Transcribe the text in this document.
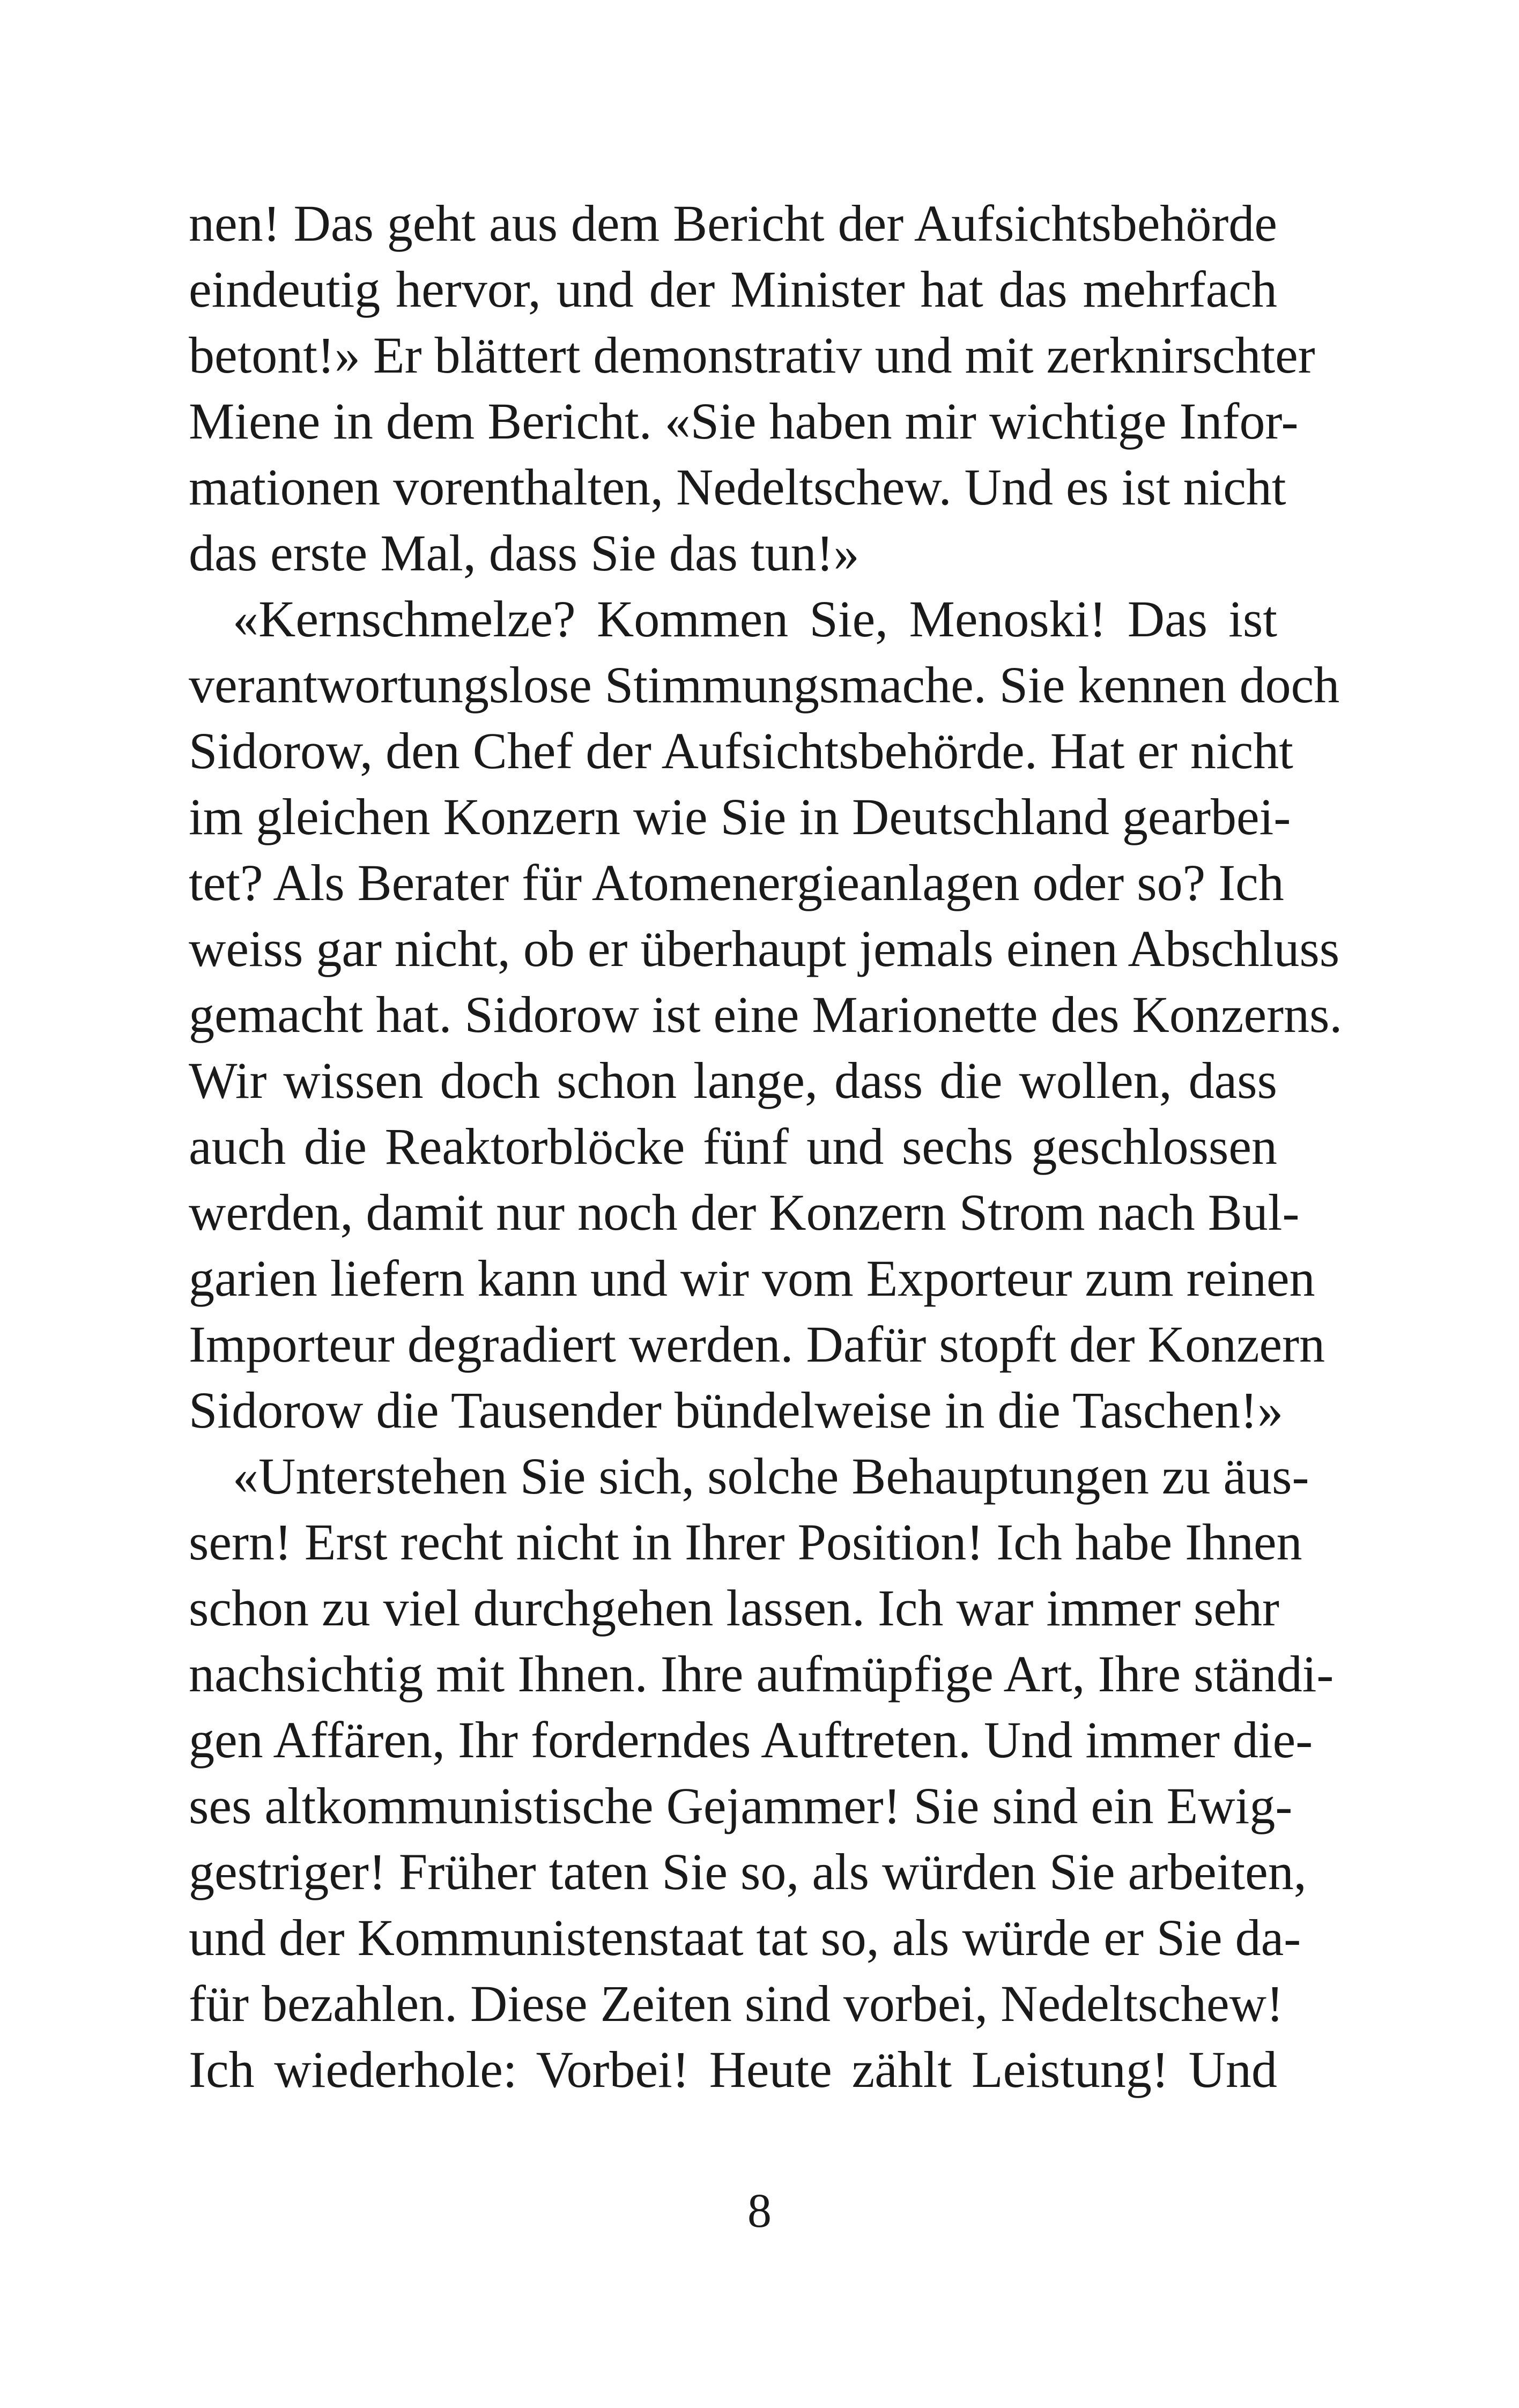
nen! Das geht aus dem Bericht der Aufsichtsbehörde
eindeutig hervor, und der Minister hat das mehrfach
betont!» Er blättert demonstrativ und mit zerknirschter
Miene in dem Bericht. «Sie haben mir wichtige Infor-
mationen vorenthalten, Nedeltschew. Und es ist nicht
das erste Mal, dass Sie das tun!»
«Kernschmelze? Kommen Sie, Menoski! Das ist
verantwortungslose Stimmungsmache. Sie kennen doch
Sidorow, den Chef der Aufsichtsbehörde. Hat er nicht
im gleichen Konzern wie Sie in Deutschland gearbei-
tet? Als Berater für Atomenergieanlagen oder so? Ich
weiss gar nicht, ob er überhaupt jemals einen Abschluss
gemacht hat. Sidorow ist eine Marionette des Konzerns.
Wir wissen doch schon lange, dass die wollen, dass
auch die Reaktorblöcke fünf und sechs geschlossen
werden, damit nur noch der Konzern Strom nach Bul-
garien liefern kann und wir vom Exporteur zum reinen
Importeur degradiert werden. Dafür stopft der Konzern
Sidorow die Tausender bündelweise in die Taschen!»
«Unterstehen Sie sich, solche Behauptungen zu äus-
sern! Erst recht nicht in Ihrer Position! Ich habe Ihnen
schon zu viel durchgehen lassen. Ich war immer sehr
nachsichtig mit Ihnen. Ihre aufmüpfige Art, Ihre ständi-
gen Affären, Ihr forderndes Auftreten. Und immer die-
ses altkommunistische Gejammer! Sie sind ein Ewig-
gestriger! Früher taten Sie so, als würden Sie arbeiten,
und der Kommunistenstaat tat so, als würde er Sie da-
für bezahlen. Diese Zeiten sind vorbei, Nedeltschew!
Ich wiederhole: Vorbei! Heute zählt Leistung! Und
8
